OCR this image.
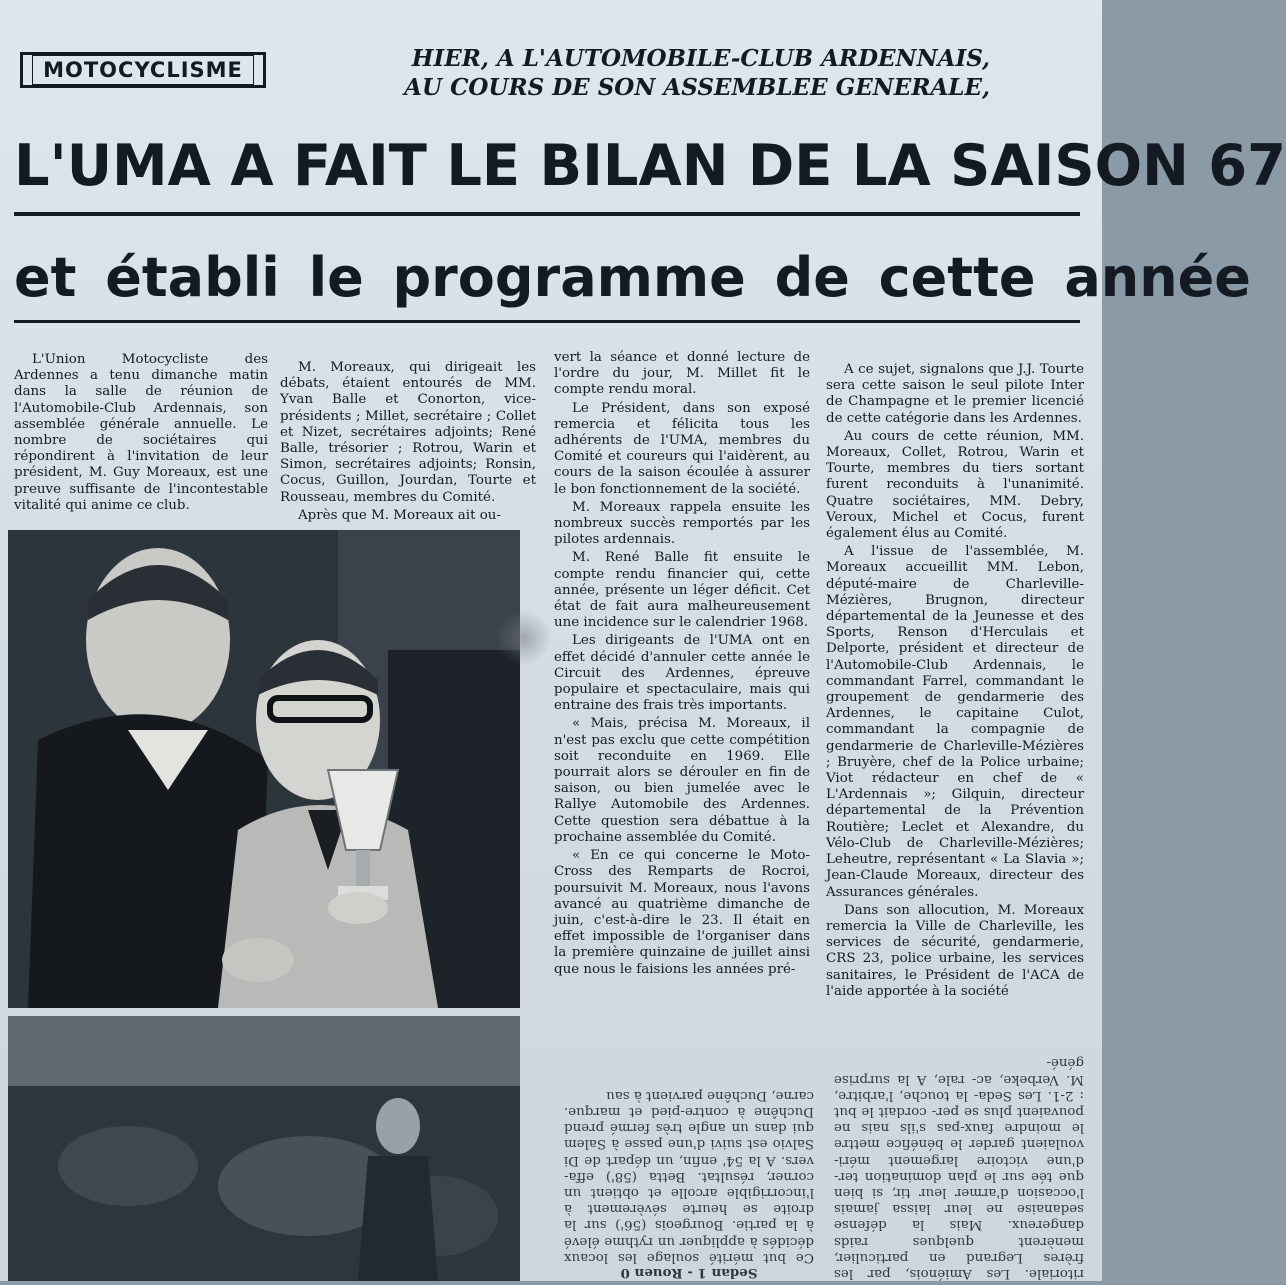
MOTOCYCLISME	HIER, A L'AUTOMOBILE-CLUB ARDENNAIS,
AU COURS DE SON ASSEMBLEE GENERALE,
L'UMA A FAIT LE BILAN DE LA SAISON 67
et établi le programme de cette année

L'Union Motocycliste des Ardennes a tenu dimanche matin dans la salle de réunion de l'Automobile-Club Ardennais, son assemblée générale annuelle. Le nombre de sociétaires qui répondirent à l'invitation de leur président, M. Guy Moreaux, est une preuve suffisante de l'incontestable vitalité qui anime ce club.

M. Moreaux, qui dirigeait les débats, étaient entourés de MM. Yvan Balle et Conorton, vice-présidents ; Millet, secrétaire ; Collet et Nizet, secrétaires adjoints; René Balle, trésorier ; Rotrou, Warin et Simon, secrétaires adjoints; Ronsin, Cocus, Guillon, Jourdan, Tourte et Rousseau, membres du Comité.

Après que M. Moreaux ait ou-

vert la séance et donné lecture de l'ordre du jour, M. Millet fit le compte rendu moral.

Le Président, dans son exposé remercia et félicita tous les adhérents de l'UMA, membres du Comité et coureurs qui l'aidèrent, au cours de la saison écoulée à assurer le bon fonctionnement de la société.

M. Moreaux rappela ensuite les nombreux succès remportés par les pilotes ardennais.

M. René Balle fit ensuite le compte rendu financier qui, cette année, présente un léger déficit. Cet état de fait aura malheureusement une incidence sur le calendrier 1968.

Les dirigeants de l'UMA ont en effet décidé d'annuler cette année le Circuit des Ardennes, épreuve populaire et spectaculaire, mais qui entraine des frais très importants.

« Mais, précisa M. Moreaux, il n'est pas exclu que cette compétition soit reconduite en 1969. Elle pourrait alors se dérouler en fin de saison, ou bien jumelée avec le Rallye Automobile des Ardennes. Cette question sera débattue à la prochaine assemblée du Comité.

« En ce qui concerne le Moto-Cross des Remparts de Rocroi, poursuivit M. Moreaux, nous l'avons avancé au quatrième dimanche de juin, c'est-à-dire le 23. Il était en effet impossible de l'organiser dans la première quinzaine de juillet ainsi que nous le faisions les années pré-

A ce sujet, signalons que J.J. Tourte sera cette saison le seul pilote Inter de Champagne et le premier licencié de cette catégorie dans les Ardennes.

Au cours de cette réunion, MM. Moreaux, Collet, Rotrou, Warin et Tourte, membres du tiers sortant furent reconduits à l'unanimité. Quatre sociétaires, MM. Debry, Veroux, Michel et Cocus, furent également élus au Comité.

A l'issue de l'assemblée, M. Moreaux accueillit MM. Lebon, député-maire de Charleville-Mézières, Brugnon, directeur départemental de la Jeunesse et des Sports, Renson d'Herculais et Delporte, président et directeur de l'Automobile-Club Ardennais, le commandant Farrel, commandant le groupement de gendarmerie des Ardennes, le capitaine Culot, commandant la compagnie de gendarmerie de Charleville-Mézières ; Bruyère, chef de la Police urbaine; Viot rédacteur en chef de « L'Ardennais »; Gilquin, directeur départemental de la Prévention Routière; Leclet et Alexandre, du Vélo-Club de Charleville-Mézières; Leheutre, représentant « La Slavia »; Jean-Claude Moreaux, directeur des Assurances générales.

Dans son allocution, M. Moreaux remercia la Ville de Charleville, les services de sécurité, gendarmerie, CRS 23, police urbaine, les services sanitaires, le Président de l'ACA de l'aide apportée à la société

ritoriale. Les Amiénois, par les frères Legrand en particulier, menèrent quelques raids dangereux. Mais la défense sedanaise ne leur laissa jamais l'occasion d'armer leur tir, si bien que tée sur le plan domination ter- d'une victoire largement méri- voulaient garder le bénéfice mettre le moindre faux-pas s'ils nais ne pouvaient plus se per- cordait le but : 2-1. Les Seda- la touche, l'arbitre, M. Verbeke, ac- rale, A la surprise géné-
Sedan 1 - Rouen 0
Ce but mérité soulage les locaux décidés à appliquer un rythme élevé à la partie. Bourgeois (56') sur la droite se heurte sévèrement à l'incorrigible arcolle et obtient un corner, résultat. Betta (58') effa- vers. A la 54' enfin, un départ de Di Salvio est suivi d'une passe à Salem qui dans un angle très fermé prend Duchêne à contre-pied et marque. carne, Duchêne parvient à sau
